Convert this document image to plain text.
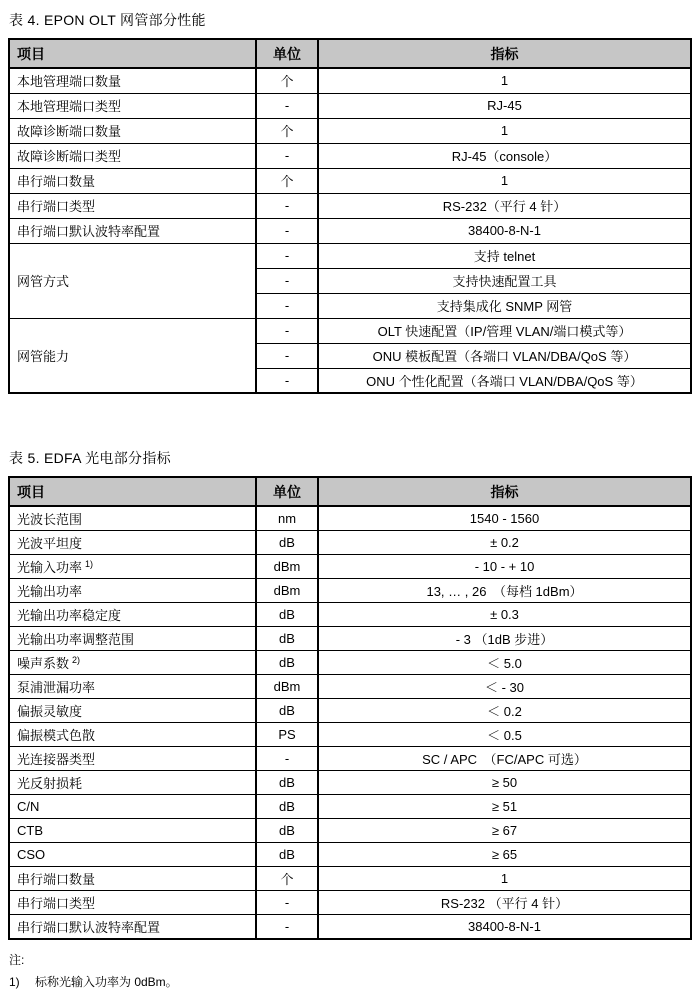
表 4. EPON OLT 网管部分性能
项目	单位	指标
本地管理端口数量	个	1
本地管理端口类型	-	RJ-45
故障诊断端口数量	个	1
故障诊断端口类型	-	RJ-45（console）
串行端口数量	个	1
串行端口类型	-	RS-232（平行 4 针）
串行端口默认波特率配置	-	38400-8-N-1
网管方式	-	支持 telnet
	-	支持快速配置工具
	-	支持集成化 SNMP 网管
网管能力	-	OLT 快速配置（IP/管理 VLAN/端口模式等）
	-	ONU 模板配置（各端口 VLAN/DBA/QoS 等）
	-	ONU 个性化配置（各端口 VLAN/DBA/QoS 等）
表 5. EDFA 光电部分指标
项目	单位	指标
光波长范围	nm	1540 - 1560
光波平坦度	dB	± 0.2
光输入功率 $^{1)}$	dBm	- 10 - + 10
光输出功率	dBm	13, … , 26　（每档 1dBm）
光输出功率稳定度	dB	± 0.3
光输出功率调整范围	dB	- 3 （1dB 步进）
噪声系数 $^{2)}$	dB	＜ 5.0
泵浦泄漏功率	dBm	＜ - 30
偏振灵敏度	dB	＜ 0.2
偏振模式色散	PS	＜ 0.5
光连接器类型	-	SC / APC　（FC/APC 可选）
光反射损耗	dB	≥ 50
C/N	dB	≥ 51
CTB	dB	≥ 67
CSO	dB	≥ 65
串行端口数量	个	1
串行端口类型	-	RS-232 （平行 4 针）
串行端口默认波特率配置	-	38400-8-N-1
注:
1) 标称光输入功率为 0dBm。
